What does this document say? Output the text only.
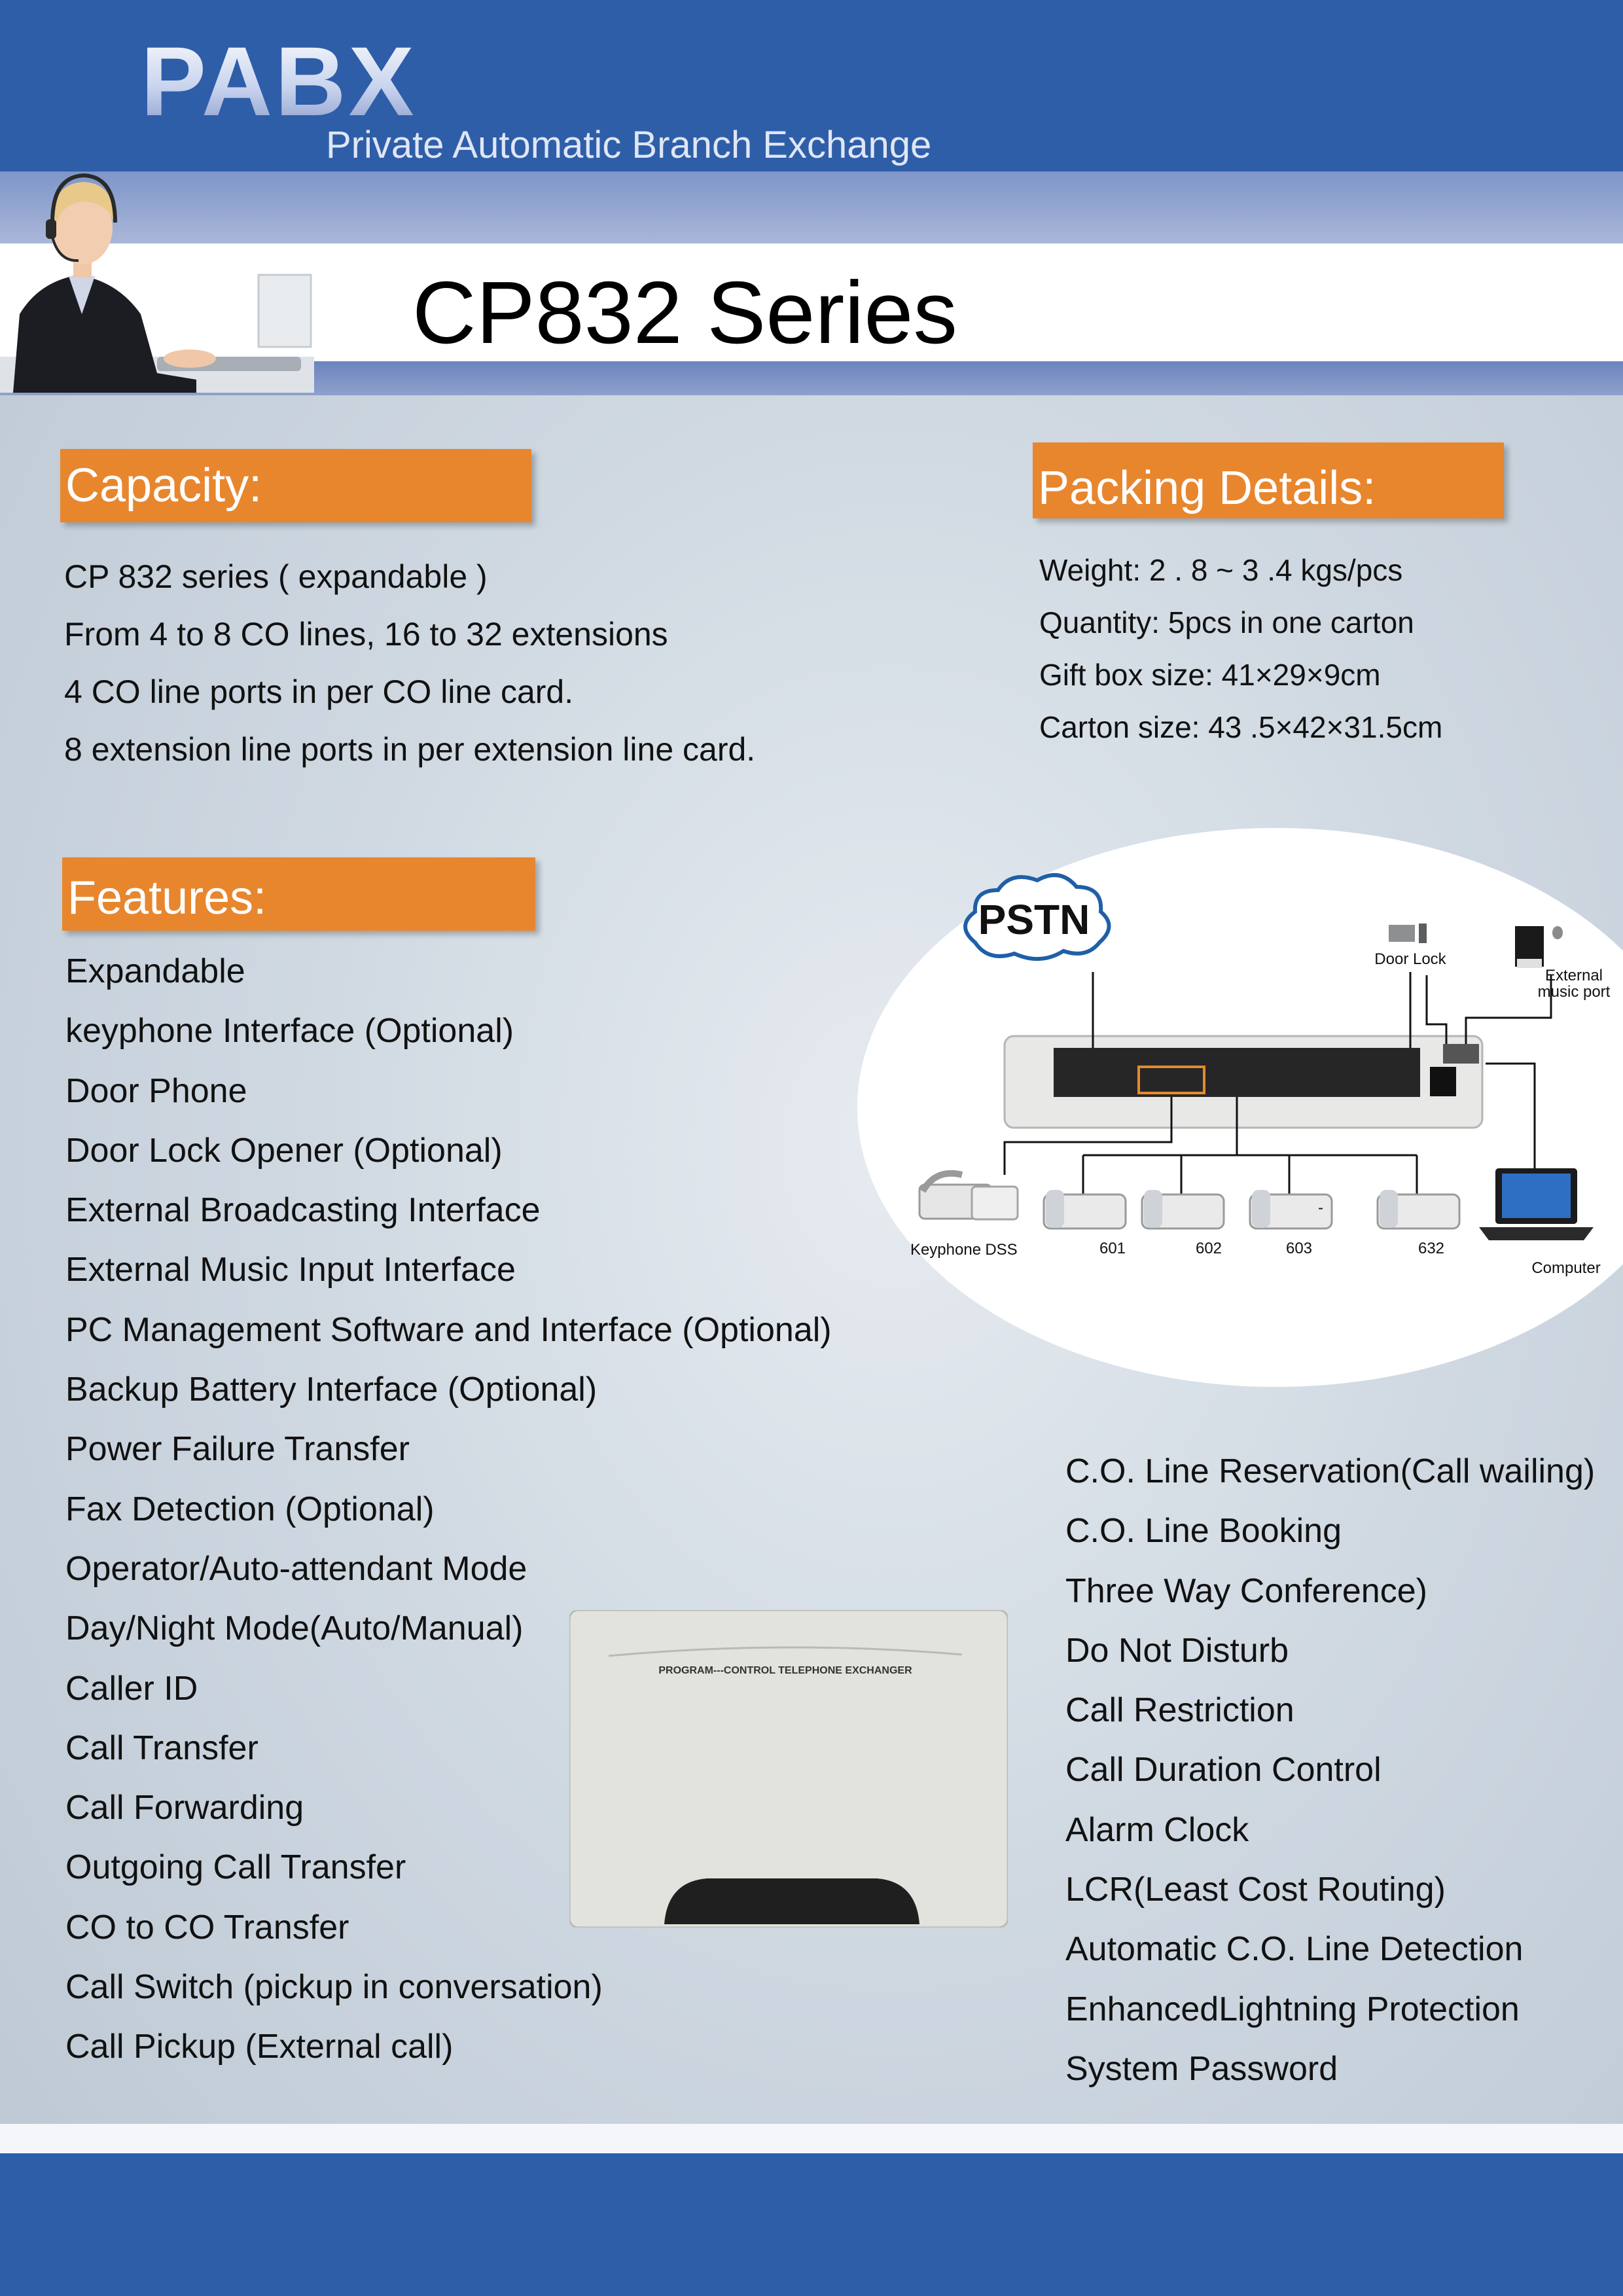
PABX
Private Automatic Branch Exchange
CP832 Series
Capacity:
CP 832 series ( expandable )
From 4 to 8 CO lines, 16 to 32 extensions
4 CO line ports in per CO line card.
8 extension line ports in per extension line card.
Packing Details:
Weight: 2 . 8 ~ 3 .4 kgs/pcs
Quantity: 5pcs in one carton
Gift box size: 41×29×9cm
Carton size: 43 .5×42×31.5cm
Features:
Expandable
keyphone Interface (Optional)
Door Phone
Door Lock Opener (Optional)
External Broadcasting Interface
External Music Input Interface
PC Management Software and Interface (Optional)
Backup Battery Interface (Optional)
Power Failure Transfer
Fax Detection (Optional)
Operator/Auto-attendant Mode
Day/Night Mode(Auto/Manual)
Caller ID
Call Transfer
Call Forwarding
Outgoing Call Transfer
CO to CO Transfer
Call Switch (pickup in conversation)
Call Pickup (External call)
C.O. Line Reservation(Call wailing)
C.O. Line Booking
Three Way Conference)
Do Not Disturb
Call Restriction
Call Duration Control
Alarm Clock
LCR(Least Cost Routing)
Automatic C.O. Line Detection
EnhancedLightning Protection
System Password
PSTN
Door Lock
External
music port
Keyphone DSS	601	602	603
-
632
Computer
PROGRAM---CONTROL TELEPHONE EXCHANGER
